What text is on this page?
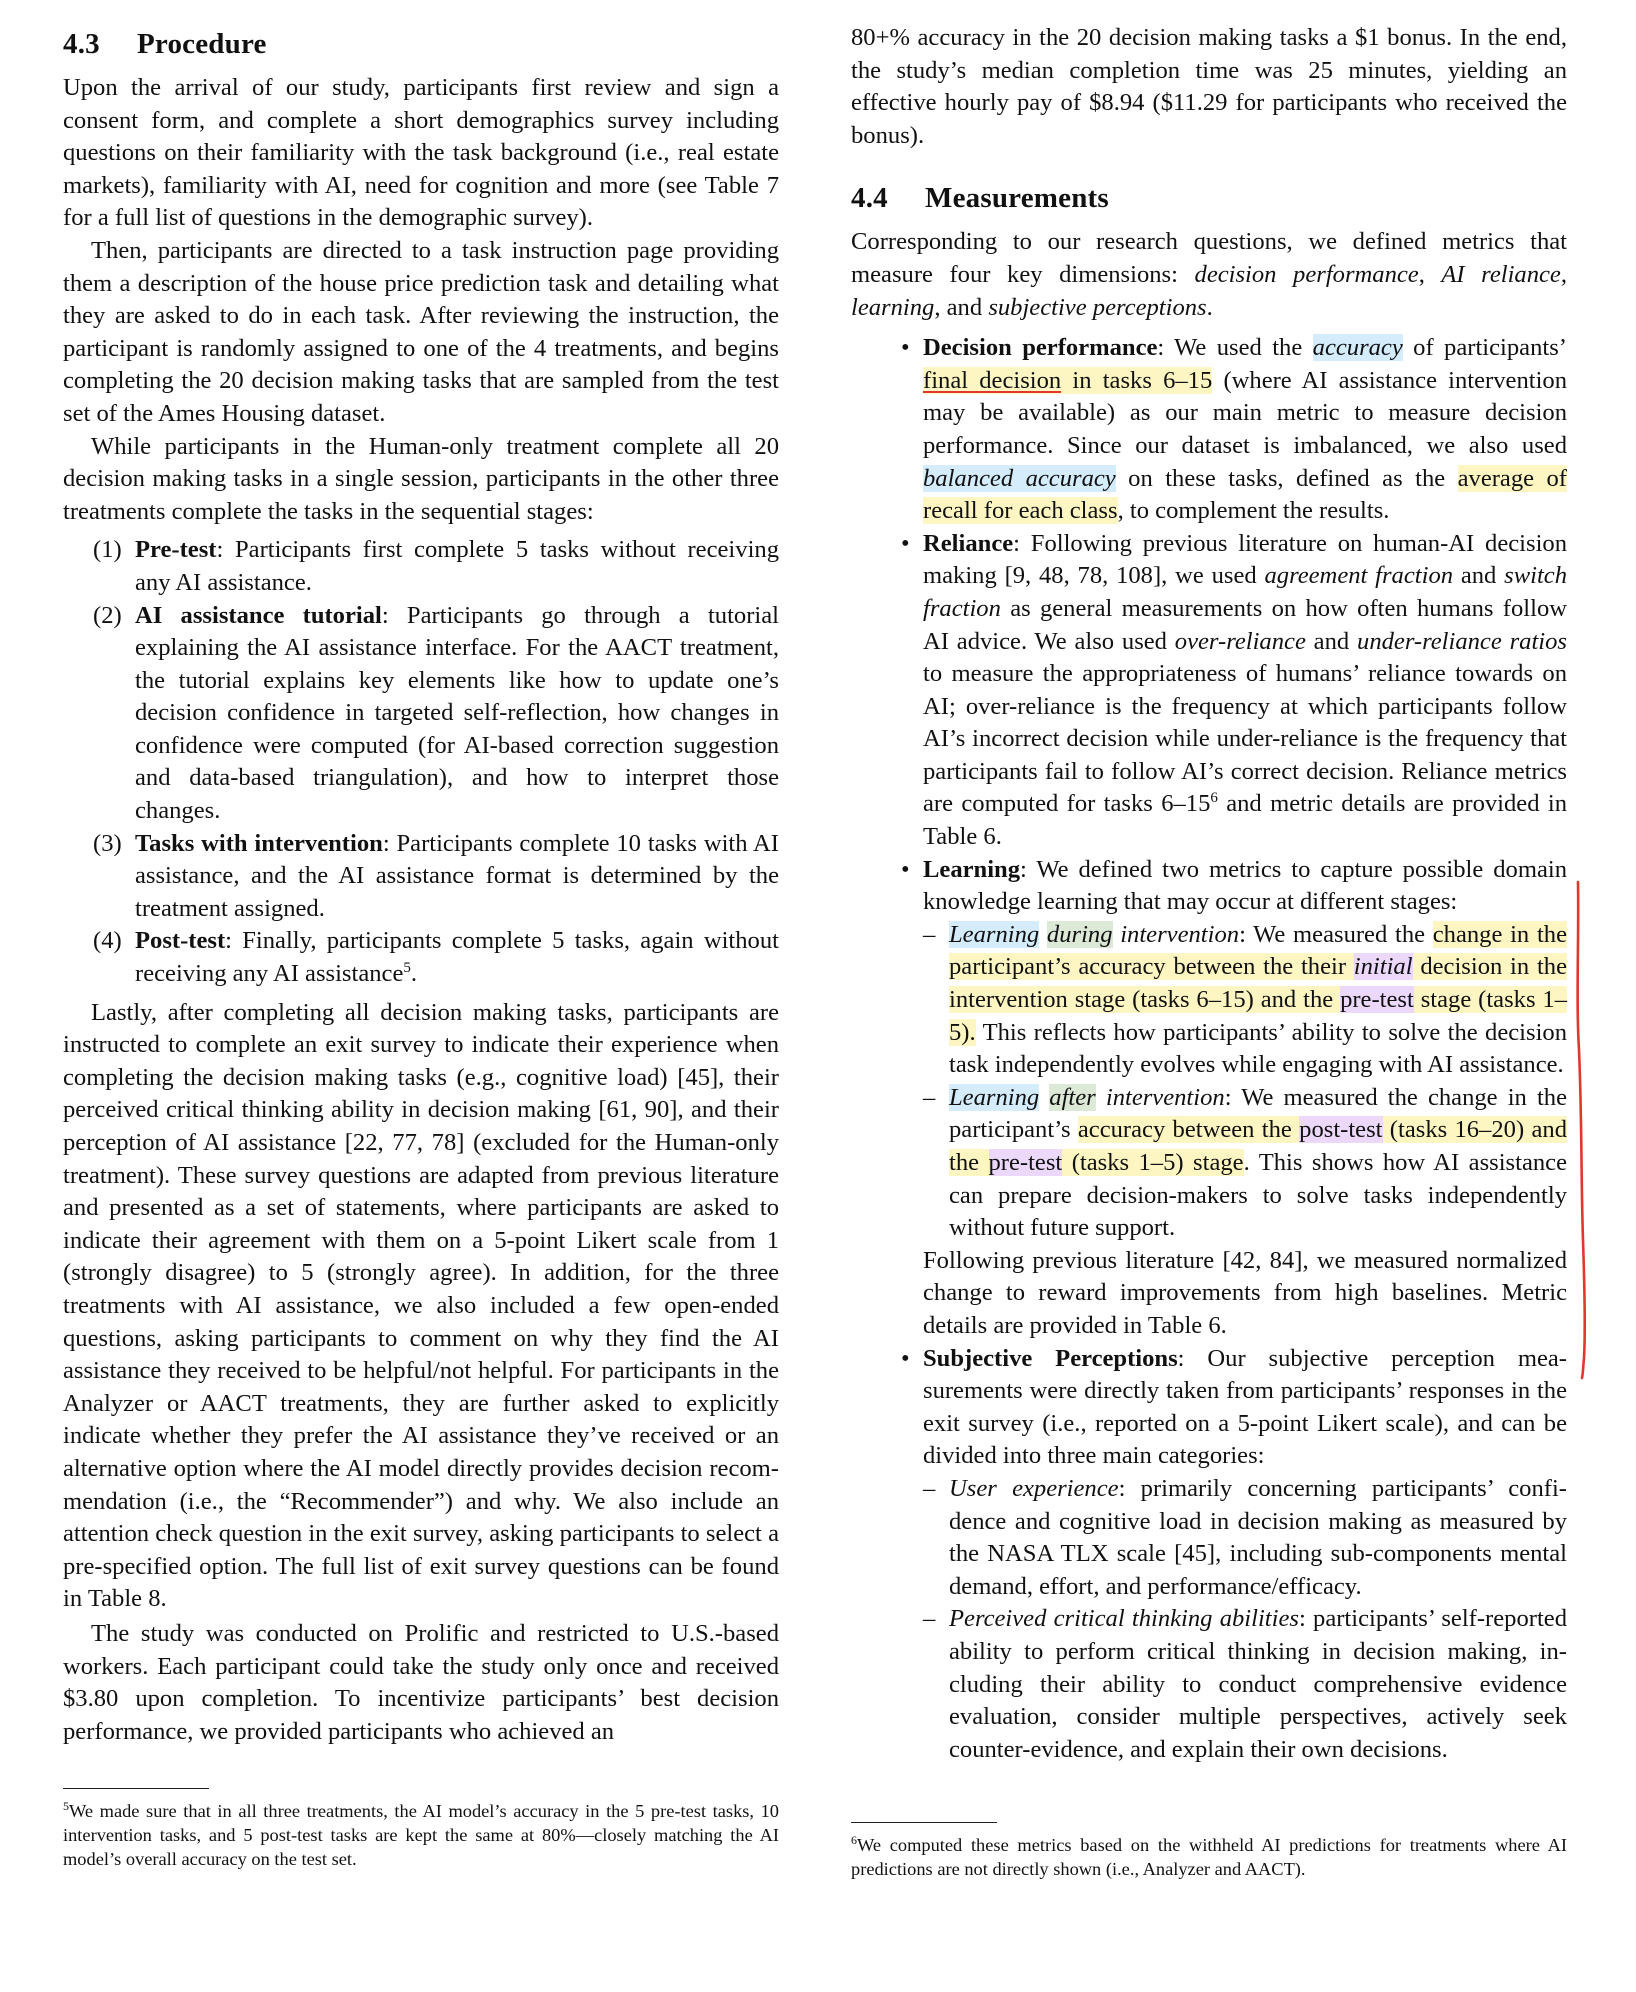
4.3 Procedure

Upon the arrival of our study, participants first review and sign a consent form, and complete a short demographics survey including questions on their familiarity with the task background (i.e., real estate markets), familiarity with AI, need for cognition and more (see Table 7 for a full list of questions in the demographic survey).

Then, participants are directed to a task instruction page providing them a description of the house price prediction task and detailing what they are asked to do in each task. After reviewing the instruction, the participant is randomly assigned to one of the 4 treatments, and begins completing the 20 decision making tasks that are sampled from the test set of the Ames Housing dataset.

While participants in the Human-only treatment complete all 20 decision making tasks in a single session, participants in the other three treatments complete the tasks in the sequential stages:

(1) Pre-test: Participants first complete 5 tasks without receiving any AI assistance.
(2) AI assistance tutorial: Participants go through a tutorial explaining the AI assistance interface. For the AACT treatment, the tutorial explains key elements like how to update one’s decision confidence in targeted self-reflection, how changes in confidence were computed (for AI-based correction suggestion and data-based triangulation), and how to interpret those changes.
(3) Tasks with intervention: Participants complete 10 tasks with AI assistance, and the AI assistance format is determined by the treatment assigned.
(4) Post-test: Finally, participants complete 5 tasks, again without receiving any AI assistance$^5$.

Lastly, after completing all decision making tasks, participants are instructed to complete an exit survey to indicate their experience when completing the decision making tasks (e.g., cognitive load) [45], their perceived critical thinking ability in decision making [61, 90], and their perception of AI assistance [22, 77, 78] (excluded for the Human-only treatment). These survey questions are adapted from previous literature and presented as a set of statements, where participants are asked to indicate their agreement with them on a 5-point Likert scale from 1 (strongly disagree) to 5 (strongly agree). In addition, for the three treatments with AI assistance, we also included a few open-ended questions, asking participants to comment on why they find the AI assistance they received to be helpful/not helpful. For participants in the Analyzer or AACT treatments, they are further asked to explicitly indicate whether they prefer the AI assistance they’ve received or an alternative option where the AI model directly provides decision recommendation (i.e., the “Recommender”) and why. We also include an attention check question in the exit survey, asking participants to select a pre-specified option. The full list of exit survey questions can be found in Table 8.

The study was conducted on Prolific and restricted to U.S.-based workers. Each participant could take the study only once and received $3.80 upon completion. To incentivize participants’ best decision performance, we provided participants who achieved an

$^5$We made sure that in all three treatments, the AI model’s accuracy in the 5 pre-test tasks, 10 intervention tasks, and 5 post-test tasks are kept the same at 80%—closely matching the AI model’s overall accuracy on the test set.

80+% accuracy in the 20 decision making tasks a $1 bonus. In the end, the study’s median completion time was 25 minutes, yielding an effective hourly pay of $8.94 ($11.29 for participants who received the bonus).

4.4 Measurements

Corresponding to our research questions, we defined metrics that measure four key dimensions: decision performance, AI reliance, learning, and subjective perceptions.

• Decision performance: We used the accuracy of participants’ final decision in tasks 6–15 (where AI assistance intervention may be available) as our main metric to measure decision performance. Since our dataset is imbalanced, we also used balanced accuracy on these tasks, defined as the average of recall for each class, to complement the results.
• Reliance: Following previous literature on human-AI decision making [9, 48, 78, 108], we used agreement fraction and switch fraction as general measurements on how often humans follow AI advice. We also used over-reliance and under-reliance ratios to measure the appropriateness of humans’ reliance towards on AI; over-reliance is the frequency at which participants follow AI’s incorrect decision while under-reliance is the frequency that participants fail to follow AI’s correct decision. Reliance metrics are computed for tasks $6-15^6$ and metric details are provided in Table 6.
• Learning: We defined two metrics to capture possible domain knowledge learning that may occur at different stages:
– Learning during intervention: We measured the change in the participant’s accuracy between the their initial decision in the intervention stage (tasks 6–15) and the pre-test stage (tasks 1–5). This reflects how participants’ ability to solve the decision task independently evolves while engaging with AI assistance.
– Learning after intervention: We measured the change in the participant’s accuracy between the post-test (tasks 16–20) and the pre-test (tasks 1–5) stage. This shows how AI assistance can prepare decision-makers to solve tasks independently without future support.
Following previous literature [42, 84], we measured normalized change to reward improvements from high baselines. Metric details are provided in Table 6.
• Subjective Perceptions: Our subjective perception measurements were directly taken from participants’ responses in the exit survey (i.e., reported on a 5-point Likert scale), and can be divided into three main categories:
– User experience: primarily concerning participants’ confidence and cognitive load in decision making as measured by the NASA TLX scale [45], including sub-components mental demand, effort, and performance/efficacy.
– Perceived critical thinking abilities: participants’ self-reported ability to perform critical thinking in decision making, including their ability to conduct comprehensive evidence evaluation, consider multiple perspectives, actively seek counter-evidence, and explain their own decisions.
$^6$We computed these metrics based on the withheld AI predictions for treatments where AI predictions are not directly shown (i.e., Analyzer and AACT).
